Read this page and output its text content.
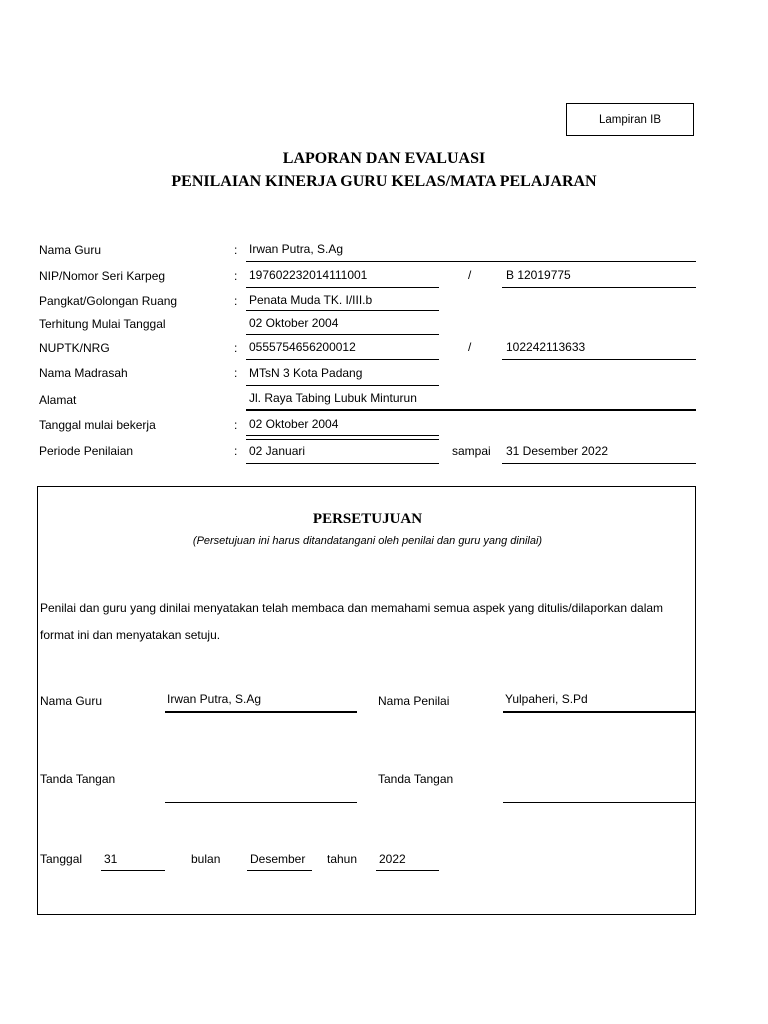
Lampiran IB
LAPORAN DAN EVALUASI
PENILAIAN KINERJA GURU KELAS/MATA PELAJARAN
Nama Guru	: Irwan Putra, S.Ag
NIP/Nomor Seri Karpeg	: 197602232014111001	/	B 12019775
Pangkat/Golongan Ruang	: Penata Muda TK. I/III.b
Terhitung Mulai Tanggal	02 Oktober 2004
NUPTK/NRG	: 0555754656200012	/	102242113633
Nama Madrasah	: MTsN 3 Kota Padang
Alamat	Jl. Raya Tabing Lubuk Minturun
Tanggal mulai bekerja	: 02 Oktober 2004
Periode Penilaian	: 02 Januari	sampai 31 Desember 2022
PERSETUJUAN
(Persetujuan ini harus ditandatangani oleh penilai dan guru yang dinilai)
Penilai dan guru yang dinilai menyatakan telah membaca dan memahami semua aspek yang ditulis/dilaporkan dalam
format ini dan menyatakan setuju.
Nama Guru	Irwan Putra, S.Ag	Nama Penilai	Yulpaheri, S.Pd
Tanda Tangan	Tanda Tangan
Tanggal 31	bulan Desember tahun 2022
